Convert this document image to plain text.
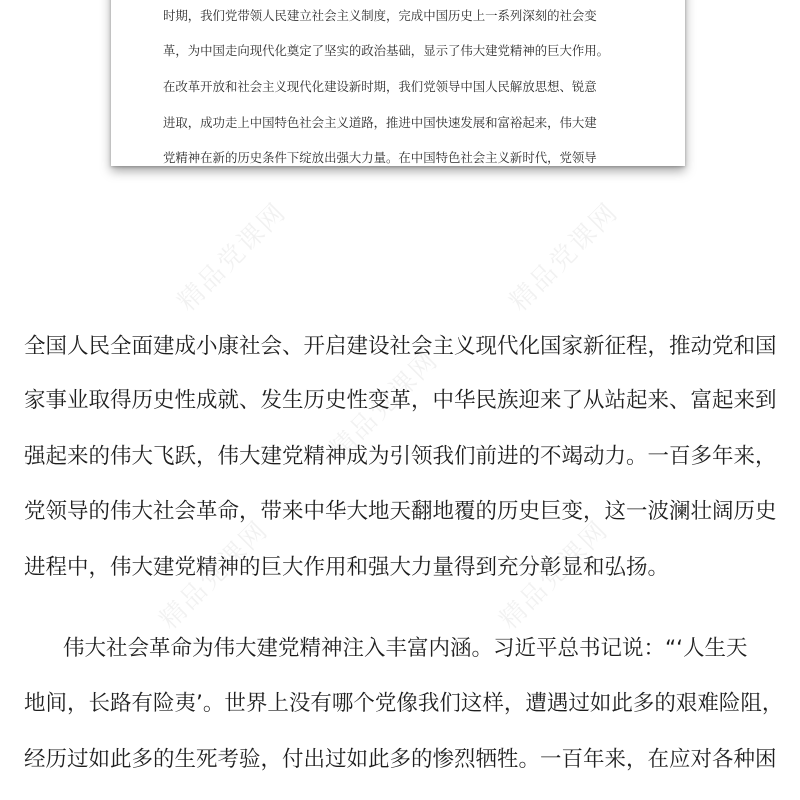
精品党课网	精品党课网
精品党课网
精品党课网	精品党课网
时期，我们党带领人民建立社会主义制度，完成中国历史上一系列深刻的社会变
革，为中国走向现代化奠定了坚实的政治基础，显示了伟大建党精神的巨大作用。
在改革开放和社会主义现代化建设新时期，我们党领导中国人民解放思想、锐意
进取，成功走上中国特色社会主义道路，推进中国快速发展和富裕起来，伟大建
党精神在新的历史条件下绽放出强大力量。在中国特色社会主义新时代，党领导
全国人民全面建成小康社会、开启建设社会主义现代化国家新征程，推动党和国
家事业取得历史性成就、发生历史性变革，中华民族迎来了从站起来、富起来到
强起来的伟大飞跃，伟大建党精神成为引领我们前进的不竭动力。一百多年来，
党领导的伟大社会革命，带来中华大地天翻地覆的历史巨变，这一波澜壮阔历史
进程中，伟大建党精神的巨大作用和强大力量得到充分彰显和弘扬。
伟大社会革命为伟大建党精神注入丰富内涵。习近平总书记说：“‘人生天
地间，长路有险夷’。世界上没有哪个党像我们这样，遭遇过如此多的艰难险阻，
经历过如此多的生死考验，付出过如此多的惨烈牺牲。一百年来，在应对各种困
